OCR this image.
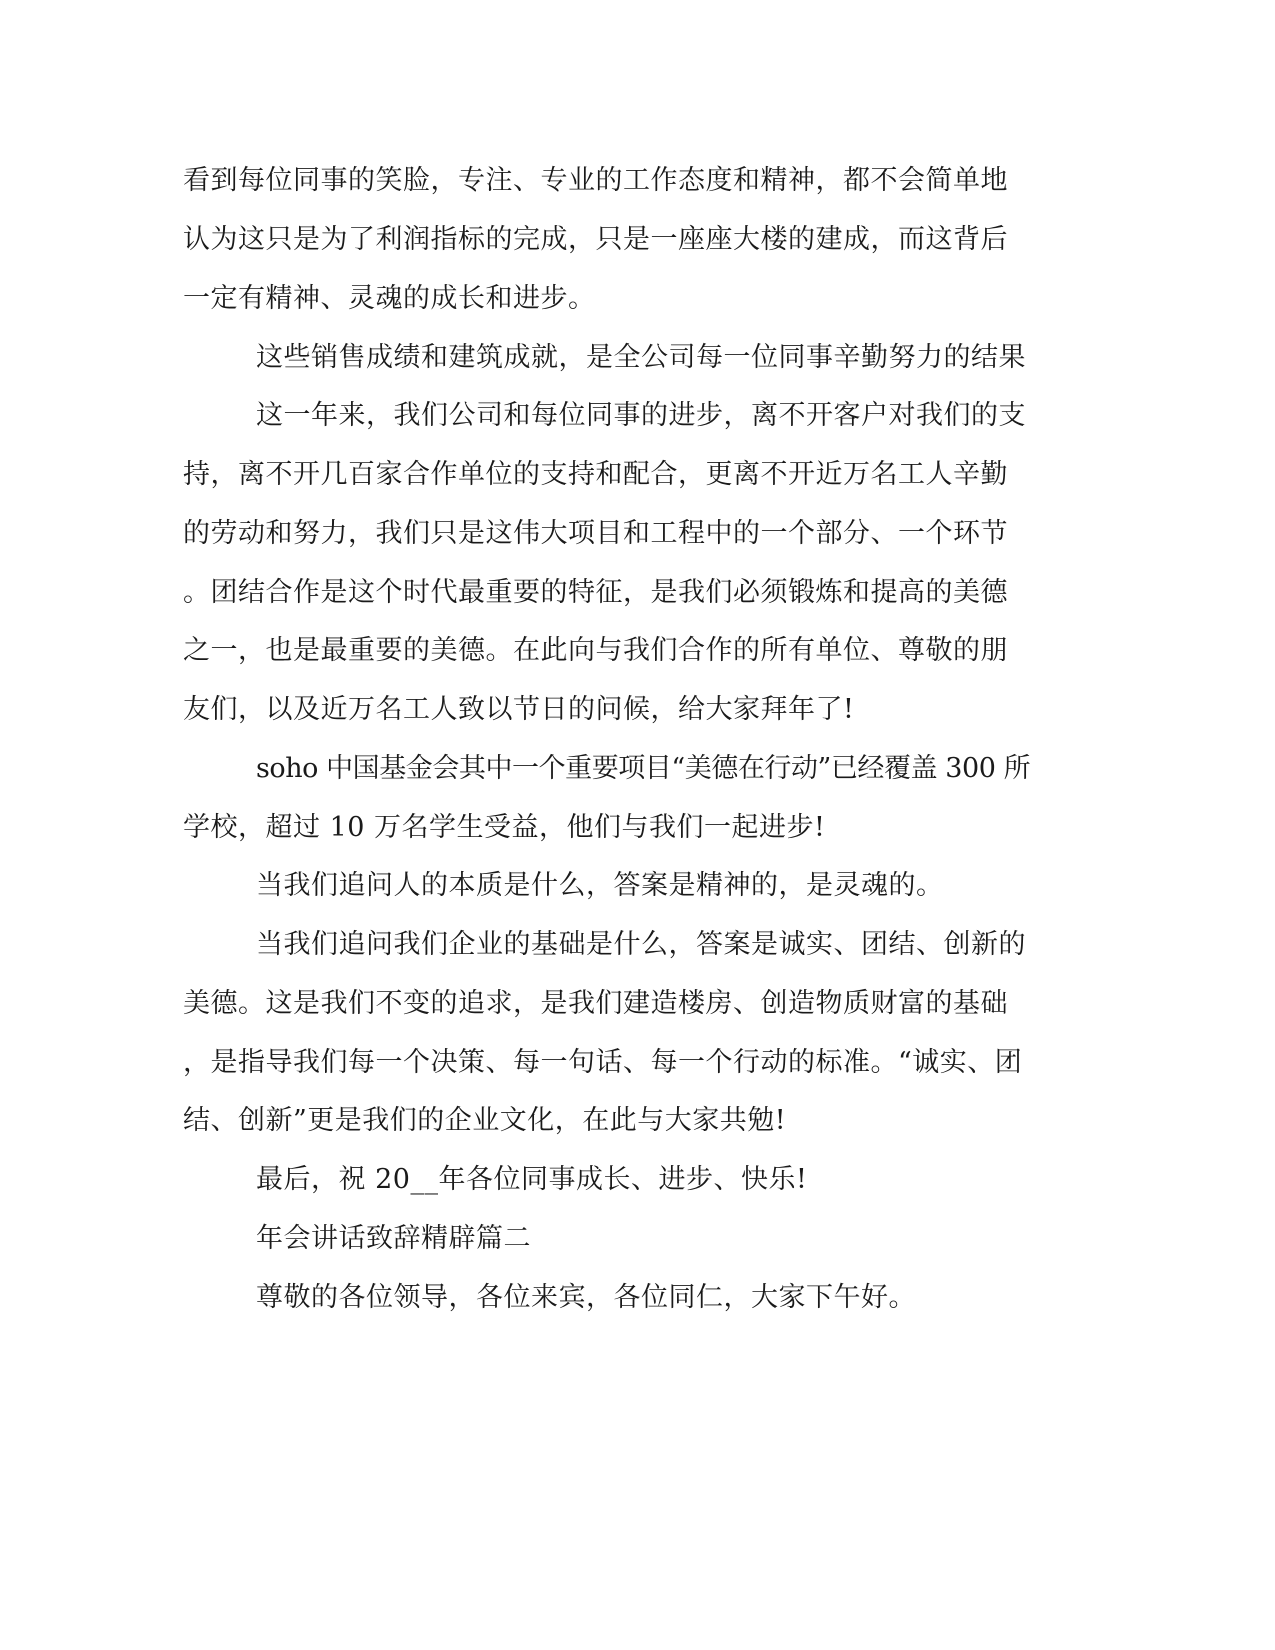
看到每位同事的笑脸，专注、专业的工作态度和精神，都不会简单地
认为这只是为了利润指标的完成，只是一座座大楼的建成，而这背后
一定有精神、灵魂的成长和进步。
这些销售成绩和建筑成就，是全公司每一位同事辛勤努力的结果
这一年来，我们公司和每位同事的进步，离不开客户对我们的支
持，离不开几百家合作单位的支持和配合，更离不开近万名工人辛勤
的劳动和努力，我们只是这伟大项目和工程中的一个部分、一个环节
。团结合作是这个时代最重要的特征，是我们必须锻炼和提高的美德
之一，也是最重要的美德。在此向与我们合作的所有单位、尊敬的朋
友们，以及近万名工人致以节日的问候，给大家拜年了!
soho 中国基金会其中一个重要项目“美德在行动”已经覆盖 300 所
学校，超过 10 万名学生受益，他们与我们一起进步!
当我们追问人的本质是什么，答案是精神的，是灵魂的。
当我们追问我们企业的基础是什么，答案是诚实、团结、创新的
美德。这是我们不变的追求，是我们建造楼房、创造物质财富的基础
，是指导我们每一个决策、每一句话、每一个行动的标准。“诚实、团
结、创新”更是我们的企业文化，在此与大家共勉!
最后，祝 20__年各位同事成长、进步、快乐!
年会讲话致辞精辟篇二
尊敬的各位领导，各位来宾，各位同仁，大家下午好。
